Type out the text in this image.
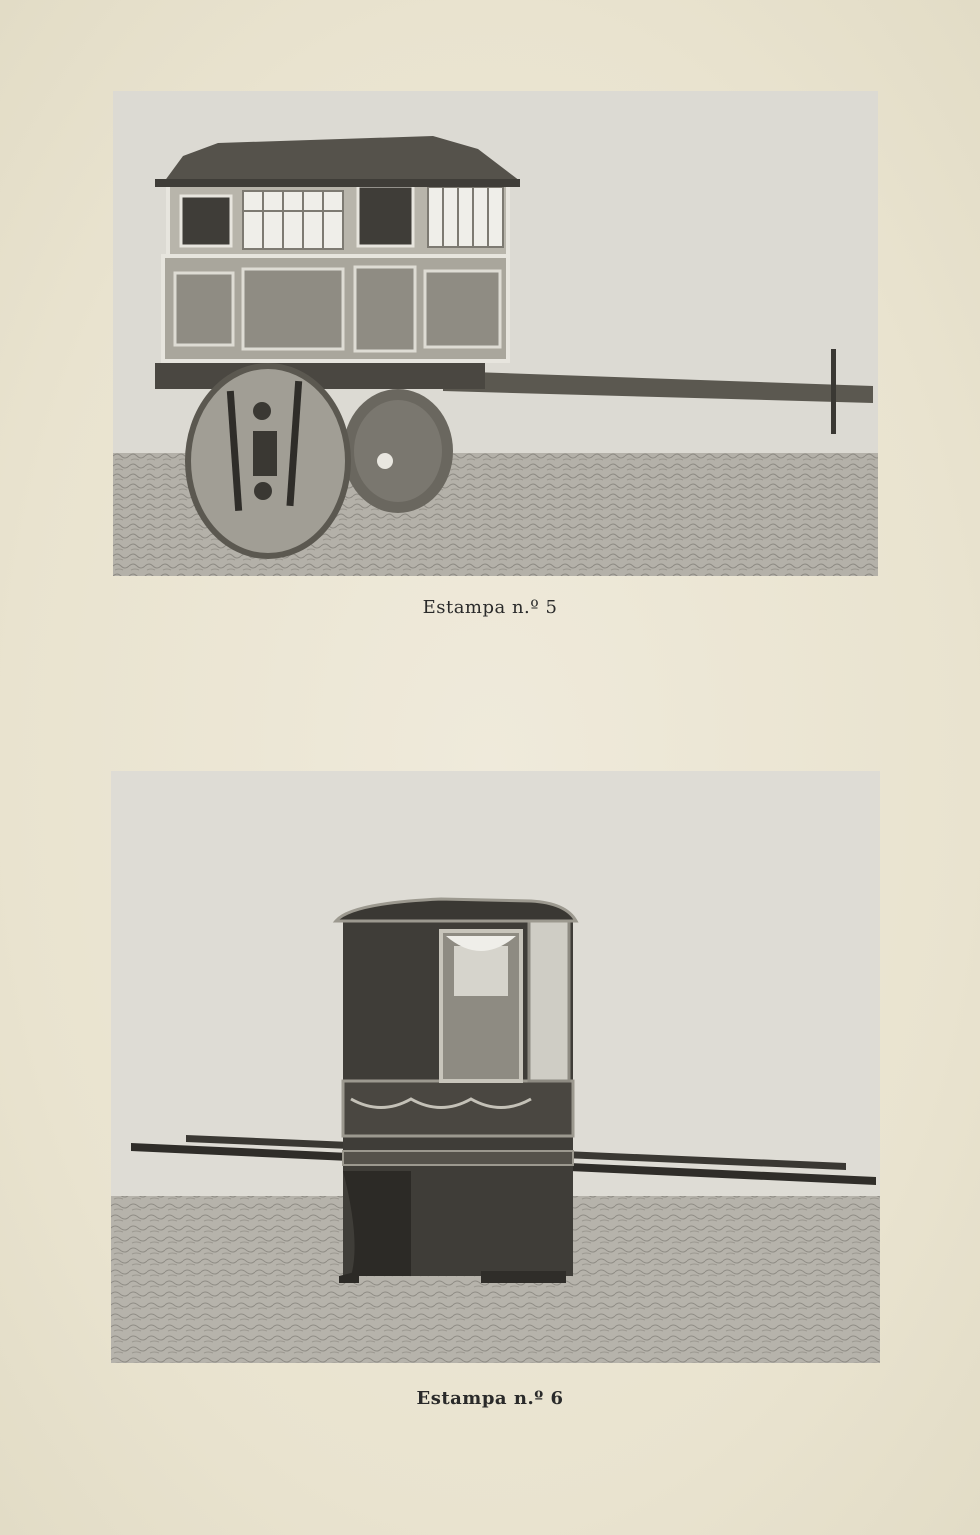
Estampa n.º 5
Estampa n.º 6
